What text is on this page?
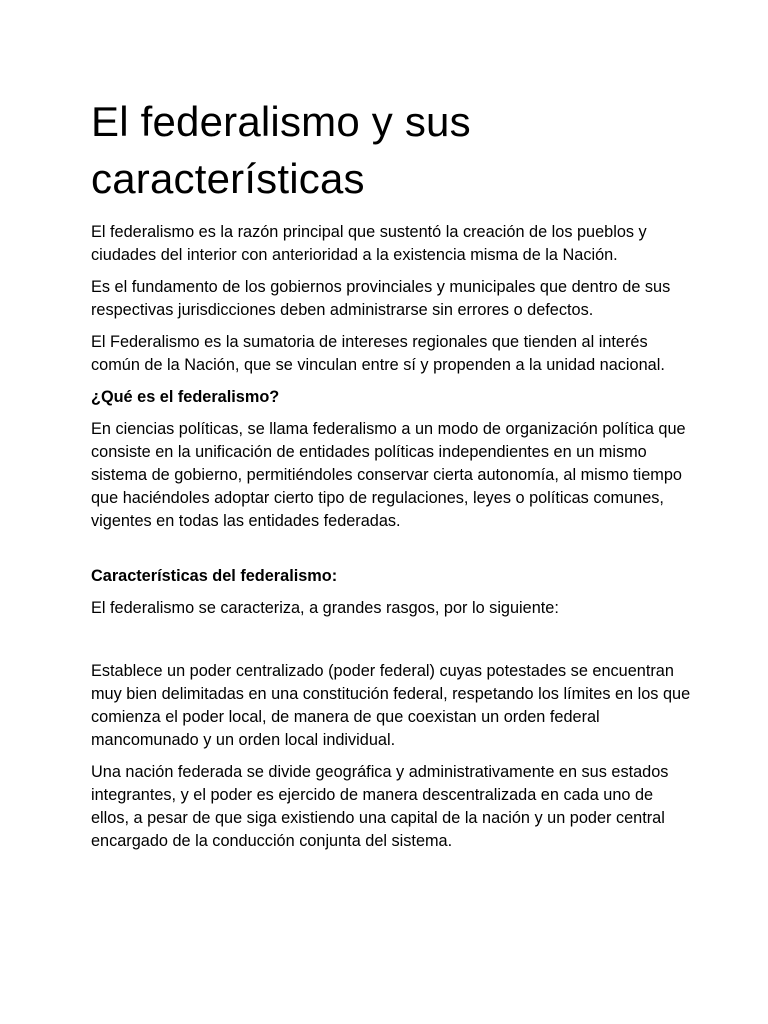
El federalismo y sus características

El federalismo es la razón principal que sustentó la creación de los pueblos y ciudades del interior con anterioridad a la existencia misma de la Nación.

Es el fundamento de los gobiernos provinciales y municipales que dentro de sus respectivas jurisdicciones deben administrarse sin errores o defectos.

El Federalismo es la sumatoria de intereses regionales que tienden al interés común de la Nación, que se vinculan entre sí y propenden a la unidad nacional.

¿Qué es el federalismo?

En ciencias políticas, se llama federalismo a un modo de organización política que consiste en la unificación de entidades políticas independientes en un mismo sistema de gobierno, permitiéndoles conservar cierta autonomía, al mismo tiempo que haciéndoles adoptar cierto tipo de regulaciones, leyes o políticas comunes, vigentes en todas las entidades federadas.

Características del federalismo:

El federalismo se caracteriza, a grandes rasgos, por lo siguiente:

Establece un poder centralizado (poder federal) cuyas potestades se encuentran muy bien delimitadas en una constitución federal, respetando los límites en los que comienza el poder local, de manera de que coexistan un orden federal mancomunado y un orden local individual.

Una nación federada se divide geográfica y administrativamente en sus estados integrantes, y el poder es ejercido de manera descentralizada en cada uno de ellos, a pesar de que siga existiendo una capital de la nación y un poder central encargado de la conducción conjunta del sistema.
